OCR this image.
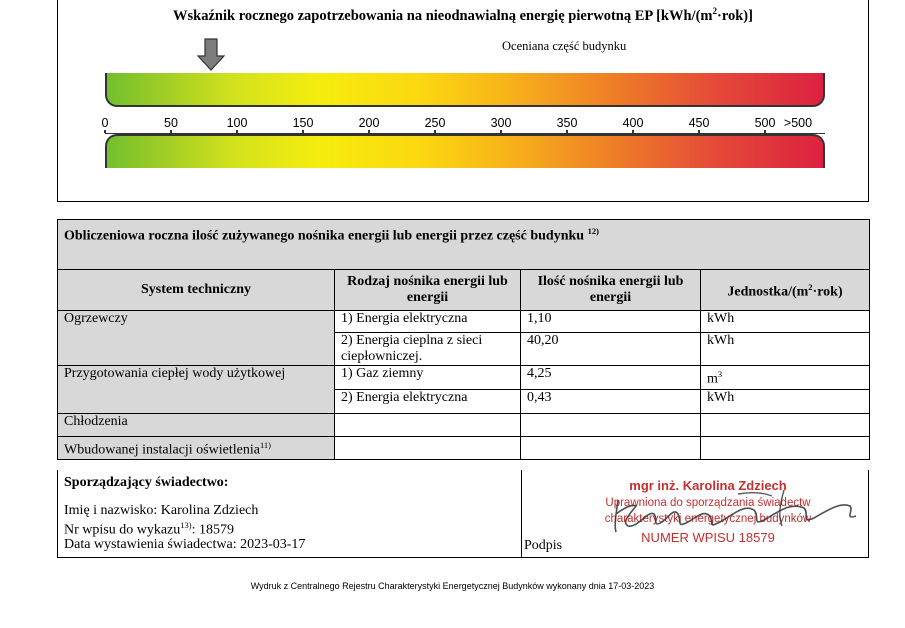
Wskaźnik rocznego zapotrzebowania na nieodnawialną energię pierwotną EP $[kWh/(m^2\cdot rok)]$
Oceniana część budynku
0	50	100	150	200	250	300	350	400	450	500 >500
Obliczeniowa roczna ilość zużywanego nośnika energii lub energii przez część budynku $^{12)}$
System techniczny	Rodzaj nośnika energii lub energii	Ilość nośnika energii lub energii	Jednostka/$(m^2\cdot rok)$
Ogrzewczy	1) Energia elektryczna	1,10	kWh
	2) Energia cieplna z sieci ciepłowniczej.	40,20	kWh
Przygotowania ciepłej wody użytkowej	1) Gaz ziemny	4,25	$m^3$
	2) Energia elektryczna	0,43	kWh
Chłodzenia			
Wbudowanej instalacji oświetlenia$^{11)}$			
Sporządzający świadectwo:
Imię i nazwisko: Karolina Zdziech
Nr wpisu do wykazu$^{13)}$: 18579
Data wystawienia świadectwa: 2023-03-17	Podpis
mgr inż. Karolina Zdziech
Uprawniona do sporządzania świadectw
charakterystyki energetycznej budynków
NUMER WPISU 18579
Wydruk z Centralnego Rejestru Charakterystyki Energetycznej Budynków wykonany dnia 17-03-2023
